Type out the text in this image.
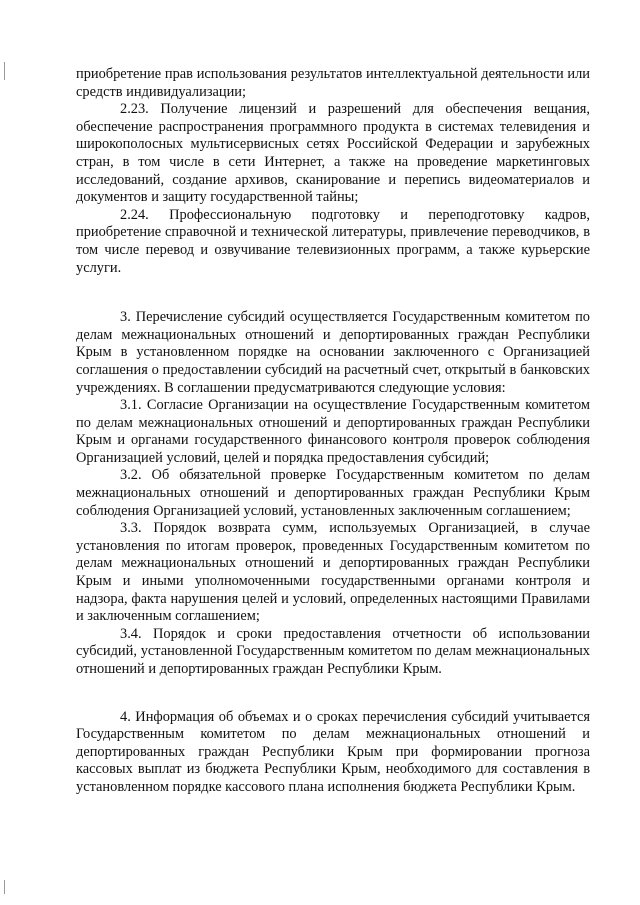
приобретение прав использования результатов интеллектуальной деятельности или средств индивидуализации;

2.23. Получение лицензий и разрешений для обеспечения вещания, обеспечение распространения программного продукта в системах телевидения и широкополосных мультисервисных сетях Российской Федерации и зарубежных стран, в том числе в сети Интернет, а также на проведение маркетинговых исследований, создание архивов, сканирование и перепись видеоматериалов и документов и защиту государственной тайны;

2.24. Профессиональную подготовку и переподготовку кадров, приобретение справочной и технической литературы, привлечение переводчиков, в том числе перевод и озвучивание телевизионных программ, а также курьерские услуги.

3. Перечисление субсидий осуществляется Государственным комитетом по делам межнациональных отношений и депортированных граждан Республики Крым в установленном порядке на основании заключенного с Организацией соглашения о предоставлении субсидий на расчетный счет, открытый в банковских учреждениях. В соглашении предусматриваются следующие условия:

3.1. Согласие Организации на осуществление Государственным комитетом по делам межнациональных отношений и депортированных граждан Республики Крым и органами государственного финансового контроля проверок соблюдения Организацией условий, целей и порядка предоставления субсидий;

3.2. Об обязательной проверке Государственным комитетом по делам межнациональных отношений и депортированных граждан Республики Крым соблюдения Организацией условий, установленных заключенным соглашением;

3.3. Порядок возврата сумм, используемых Организацией, в случае установления по итогам проверок, проведенных Государственным комитетом по делам межнациональных отношений и депортированных граждан Республики Крым и иными уполномоченными государственными органами контроля и надзора, факта нарушения целей и условий, определенных настоящими Правилами и заключенным соглашением;

3.4. Порядок и сроки предоставления отчетности об использовании субсидий, установленной Государственным комитетом по делам межнациональных отношений и депортированных граждан Республики Крым.

4. Информация об объемах и о сроках перечисления субсидий учитывается Государственным комитетом по делам межнациональных отношений и депортированных граждан Республики Крым при формировании прогноза кассовых выплат из бюджета Республики Крым, необходимого для составления в установленном порядке кассового плана исполнения бюджета Республики Крым.
